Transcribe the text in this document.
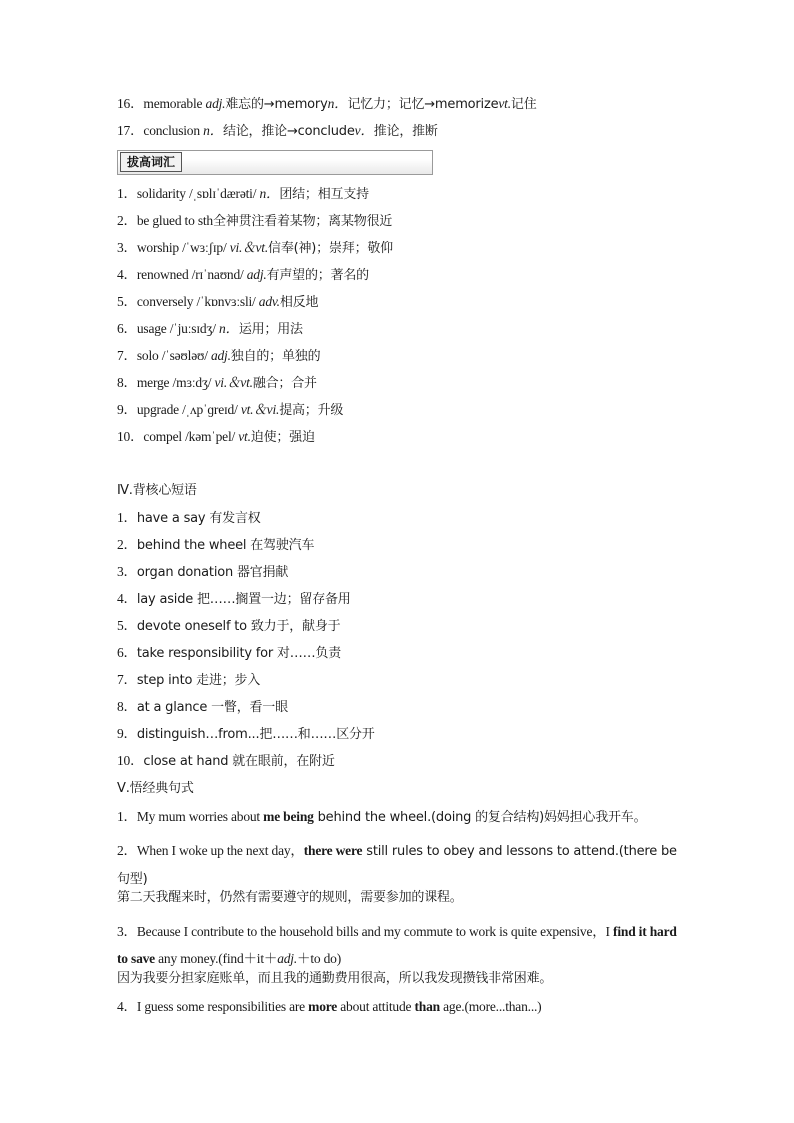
16．memorable adj.难忘的→memoryn．记忆力；记忆→memorizevt.记住
17．conclusion n．结论，推论→concludev．推论，推断
拔高词汇
1．solidarity /ˌsɒlɪˈdærəti/ n．团结；相互支持
2．be glued to sth全神贯注看着某物；离某物很近
3．worship /ˈwɜːʃɪp/ vi.＆vt.信奉(神)；崇拜；敬仰
4．renowned /rɪˈnaʊnd/ adj.有声望的；著名的
5．conversely /ˈkɒnvɜːsli/ adv.相反地
6．usage /ˈjuːsɪdʒ/ n．运用；用法
7．solo /ˈsəʊləʊ/ adj.独自的；单独的
8．merge /mɜːdʒ/ vi.＆vt.融合；合并
9．upgrade /ˌʌpˈɡreɪd/ vt.＆vi.提高；升级
10．compel /kəmˈpel/ vt.迫使；强迫
Ⅳ.背核心短语
1．have a say 有发言权
2．behind the wheel 在驾驶汽车
3．organ donation 器官捐献
4．lay aside 把……搁置一边；留存备用
5．devote oneself to 致力于，献身于
6．take responsibility for 对……负责
7．step into 走进；步入
8．at a glance 一瞥，看一眼
9．distinguish…from...把……和……区分开
10．close at hand 就在眼前，在附近
Ⅴ.悟经典句式
1．My mum worries about me being behind the wheel.(doing 的复合结构)妈妈担心我开车。
2．When I woke up the next day，there were still rules to obey and lessons to attend.(there be 句型)
第二天我醒来时，仍然有需要遵守的规则，需要参加的课程。
3．Because I contribute to the household bills and my commute to work is quite expensive，I find it hard to save any money.(find＋it＋adj.＋to do)
因为我要分担家庭账单，而且我的通勤费用很高，所以我发现攒钱非常困难。
4．I guess some responsibilities are more about attitude than age.(more...than...)
